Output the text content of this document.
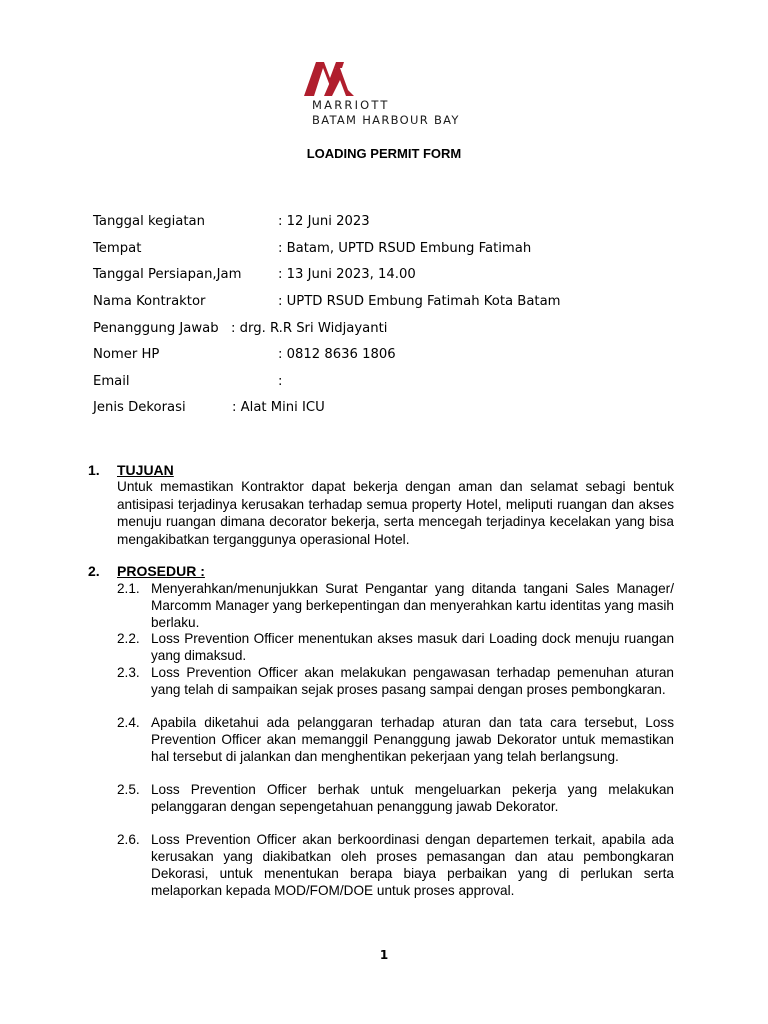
MARRIOTT
BATAM HARBOUR BAY
LOADING PERMIT FORM
Tanggal kegiatan	: 12 Juni 2023
Tempat	: Batam, UPTD RSUD Embung Fatimah
Tanggal Persiapan,Jam	: 13 Juni 2023, 14.00
Nama Kontraktor	: UPTD RSUD Embung Fatimah Kota Batam
Penanggung Jawab : drg. R.R Sri Widjayanti
Nomer HP	: 0812 8636 1806
Email	:
Jenis Dekorasi	: Alat Mini ICU
1. TUJUAN

Untuk memastikan Kontraktor dapat bekerja dengan aman dan selamat sebagi bentuk antisipasi terjadinya kerusakan terhadap semua property Hotel, meliputi ruangan dan akses menuju ruangan dimana decorator bekerja, serta mencegah terjadinya kecelakan yang bisa mengakibatkan terganggunya operasional Hotel.

2. PROSEDUR :
2.1. Menyerahkan/menunjukkan Surat Pengantar yang ditanda tangani Sales Manager/ Marcomm Manager yang berkepentingan dan menyerahkan kartu identitas yang masih berlaku.
2.2. Loss Prevention Officer menentukan akses masuk dari Loading dock menuju ruangan yang dimaksud.
2.3. Loss Prevention Officer akan melakukan pengawasan terhadap pemenuhan aturan yang telah di sampaikan sejak proses pasang sampai dengan proses pembongkaran.
2.4. Apabila diketahui ada pelanggaran terhadap aturan dan tata cara tersebut, Loss Prevention Officer akan memanggil Penanggung jawab Dekorator untuk memastikan hal tersebut di jalankan dan menghentikan pekerjaan yang telah berlangsung.
2.5. Loss Prevention Officer berhak untuk mengeluarkan pekerja yang melakukan pelanggaran dengan sepengetahuan penanggung jawab Dekorator.
2.6. Loss Prevention Officer akan berkoordinasi dengan departemen terkait, apabila ada kerusakan yang diakibatkan oleh proses pemasangan dan atau pembongkaran Dekorasi, untuk menentukan berapa biaya perbaikan yang di perlukan serta melaporkan kepada MOD/FOM/DOE untuk proses approval.
1
